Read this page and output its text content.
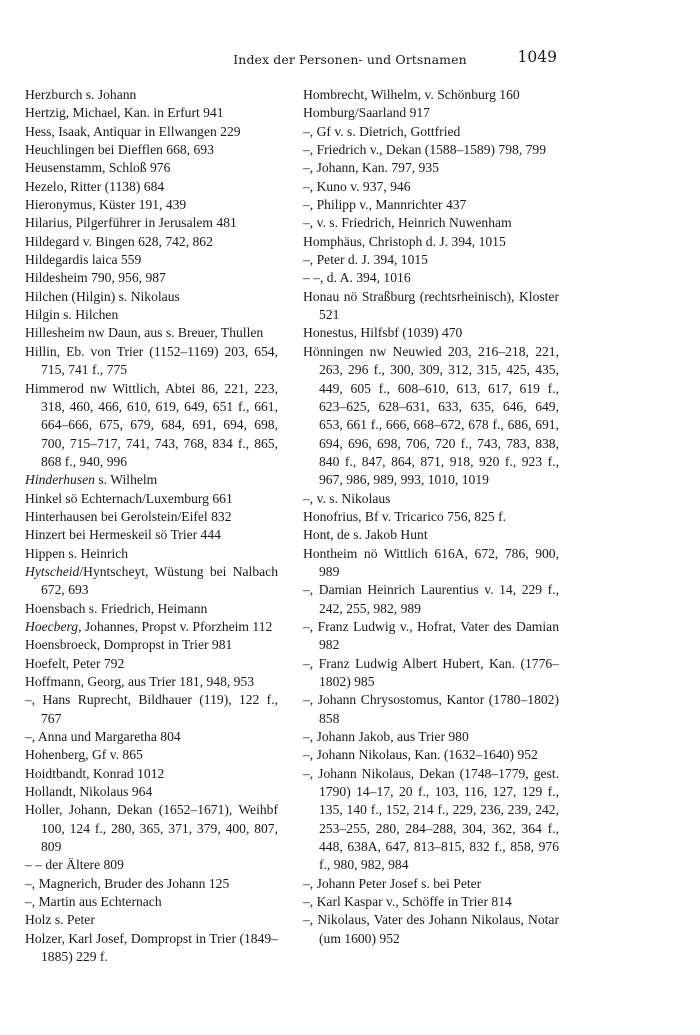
Index der Personen- und Ortsnamen	1049
Herzburch s. Johann
Hertzig, Michael, Kan. in Erfurt 941
Hess, Isaak, Antiquar in Ellwangen 229
Heuchlingen bei Diefflen 668, 693
Heusenstamm, Schloß 976
Hezelo, Ritter (1138) 684
Hieronymus, Küster 191, 439
Hilarius, Pilgerführer in Jerusalem 481
Hildegard v. Bingen 628, 742, 862
Hildegardis laica 559
Hildesheim 790, 956, 987
Hilchen (Hilgin) s. Nikolaus
Hilgin s. Hilchen
Hillesheim nw Daun, aus s. Breuer, Thullen
Hillin, Eb. von Trier (1152–1169) 203, 654, 715, 741 f., 775
Himmerod nw Wittlich, Abtei 86, 221, 223, 318, 460, 466, 610, 619, 649, 651 f., 661, 664–666, 675, 679, 684, 691, 694, 698, 700, 715–717, 741, 743, 768, 834 f., 865, 868 f., 940, 996
Hinderhusen s. Wilhelm
Hinkel sö Echternach/Luxemburg 661
Hinterhausen bei Gerolstein/Eifel 832
Hinzert bei Hermeskeil sö Trier 444
Hippen s. Heinrich
Hytscheid/Hyntscheyt, Wüstung bei Nalbach 672, 693
Hoensbach s. Friedrich, Heimann
Hoecberg, Johannes, Propst v. Pforzheim 112
Hoensbroeck, Dompropst in Trier 981
Hoefelt, Peter 792
Hoffmann, Georg, aus Trier 181, 948, 953
–, Hans Ruprecht, Bildhauer (119), 122 f., 767
–, Anna und Margaretha 804
Hohenberg, Gf v. 865
Hoidtbandt, Konrad 1012
Hollandt, Nikolaus 964
Holler, Johann, Dekan (1652–1671), Weihbf 100, 124 f., 280, 365, 371, 379, 400, 807, 809
– – der Ältere 809
–, Magnerich, Bruder des Johann 125
–, Martin aus Echternach
Holz s. Peter
Holzer, Karl Josef, Dompropst in Trier (1849–1885) 229 f.
Hombrecht, Wilhelm, v. Schönburg 160
Homburg/Saarland 917
–, Gf v. s. Dietrich, Gottfried
–, Friedrich v., Dekan (1588–1589) 798, 799
–, Johann, Kan. 797, 935
–, Kuno v. 937, 946
–, Philipp v., Mannrichter 437
–, v. s. Friedrich, Heinrich Nuwenham
Homphäus, Christoph d. J. 394, 1015
–, Peter d. J. 394, 1015
– –, d. A. 394, 1016
Honau nö Straßburg (rechtsrheinisch), Kloster 521
Honestus, Hilfsbf (1039) 470
Hönningen nw Neuwied 203, 216–218, 221, 263, 296 f., 300, 309, 312, 315, 425, 435, 449, 605 f., 608–610, 613, 617, 619 f., 623–625, 628–631, 633, 635, 646, 649, 653, 661 f., 666, 668–672, 678 f., 686, 691, 694, 696, 698, 706, 720 f., 743, 783, 838, 840 f., 847, 864, 871, 918, 920 f., 923 f., 967, 986, 989, 993, 1010, 1019
–, v. s. Nikolaus
Honofrius, Bf v. Tricarico 756, 825 f.
Hont, de s. Jakob Hunt
Hontheim nö Wittlich 616A, 672, 786, 900, 989
–, Damian Heinrich Laurentius v. 14, 229 f., 242, 255, 982, 989
–, Franz Ludwig v., Hofrat, Vater des Damian 982
–, Franz Ludwig Albert Hubert, Kan. (1776–1802) 985
–, Johann Chrysostomus, Kantor (1780–1802) 858
–, Johann Jakob, aus Trier 980
–, Johann Nikolaus, Kan. (1632–1640) 952
–, Johann Nikolaus, Dekan (1748–1779, gest. 1790) 14–17, 20 f., 103, 116, 127, 129 f., 135, 140 f., 152, 214 f., 229, 236, 239, 242, 253–255, 280, 284–288, 304, 362, 364 f., 448, 638A, 647, 813–815, 832 f., 858, 976 f., 980, 982, 984
–, Johann Peter Josef s. bei Peter
–, Karl Kaspar v., Schöffe in Trier 814
–, Nikolaus, Vater des Johann Nikolaus, Notar (um 1600) 952
